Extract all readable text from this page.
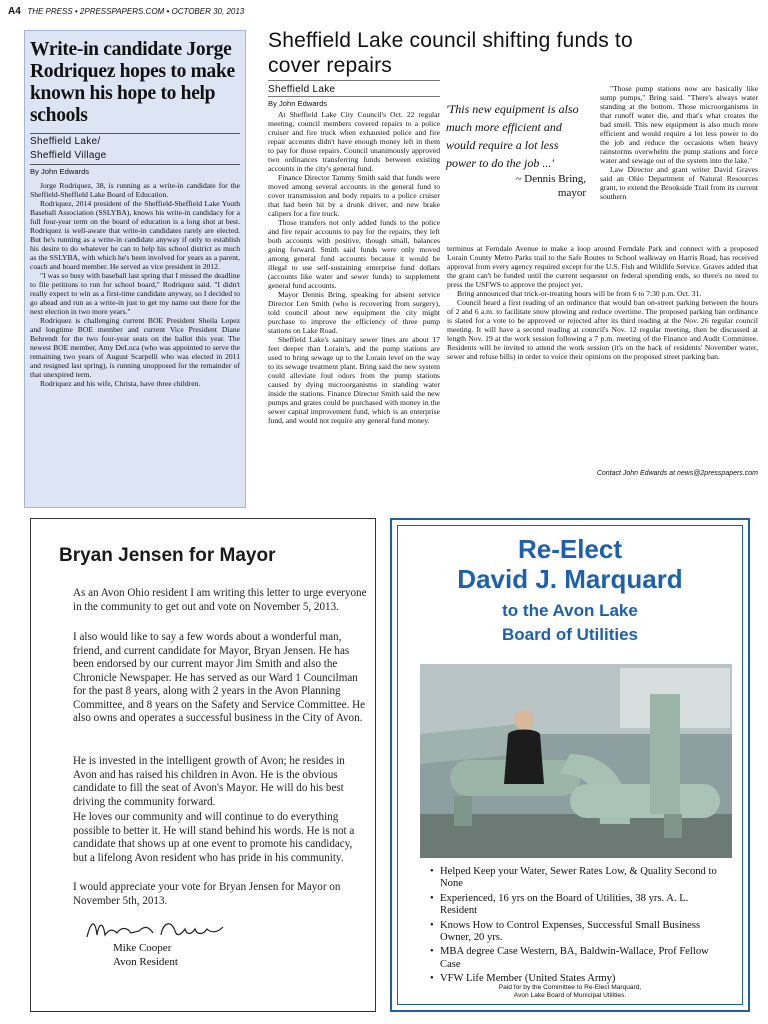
A4 THE PRESS • 2PRESSPAPERS.COM • OCTOBER 30, 2013
Write-in candidate Jorge Rodriquez hopes to make known his hope to help schools
Sheffield Lake/
Sheffield Village
By John Edwards

Jorge Rodriquez, 38, is running as a write-in candidate for the Sheffield-Sheffield Lake Board of Education.

Rodriquez, 2014 president of the Sheffield-Sheffield Lake Youth Baseball Association (SSLYBA), knows his write-in candidacy for a full four-year term on the board of education is a long shot at best. Rodriquez is well-aware that write-in candidates rarely are elected. But he's running as a write-in candidate anyway if only to establish his desire to do whatever he can to help his school district as much as the SSLYBA, with which he's been involved for years as a parent, coach and board member. He served as vice president in 2012.

"I was so busy with baseball last spring that I missed the deadline to file petitions to run for school board," Rodriquez said. "I didn't really expect to win as a first-time candidate anyway, so I decided to go ahead and run as a write-in just to get my name out there for the next election in two more years."

Rodriquez is challenging current BOE President Sheila Lopez and longtime BOE member and current Vice President Diane Behrendt for the two four-year seats on the ballot this year. The newest BOE member, Amy DeLuca (who was appointed to serve the remaining two years of August Scarpelli who was elected in 2011 and resigned last spring), is running unopposed for the remainder of that unexpired term.

Rodriquez and his wife, Christa, have three children.

Sheffield Lake council shifting funds to cover repairs
Sheffield Lake
By John Edwards

At Sheffield Lake City Council's Oct. 22 regular meeting, council members covered repairs to a police cruiser and fire truck when exhausted police and fire repair accounts didn't have enough money left in them to pay for those repairs. Council unanimously approved two ordinances transferring funds between existing accounts in the city's general fund.

Finance Director Tammy Smith said that funds were moved among several accounts in the general fund to cover transmission and body repairs to a police cruiser that had been hit by a drunk driver, and new brake calipers for a fire truck.

Those transfers not only added funds to the police and fire repair accounts to pay for the repairs, they left both accounts with positive, though small, balances going forward. Smith said funds were only moved among general fund accounts because it would be illegal to use self-sustaining enterprise fund dollars (accounts like water and sewer funds) to supplement general fund accounts.

Mayor Dennis Bring, speaking for absent service Director Len Smith (who is recovering from surgery), told council about new equipment the city might purchase to improve the efficiency of three pump stations on Lake Road.

Sheffield Lake's sanitary sewer lines are about 17 feet deeper than Lorain's, and the pump stations are used to bring sewage up to the Lorain level on the way to its sewage treatment plant. Bring said the new system could alleviate foul odors from the pump stations caused by dying microorganisms in standing water inside the stations. Finance Director Smith said the new pumps and grates could be purchased with money in the sewer capital improvement fund, which is an enterprise fund, and would not require any general fund money.

'This new equipment is also much more efficient and would require a lot less power to do the job ...'
~ Dennis Bring,
mayor

"Those pump stations now are basically like sump pumps," Bring said. "There's always water standing at the bottom. Those microorganisms in that runoff water die, and that's what creates the bad smell. This new equipment is also much more efficient and would require a lot less power to do the job and reduce the occasions when heavy rainstorms overwhelm the pump stations and force water and sewage out of the system into the lake."

Law Director and grant writer David Graves said an Ohio Department of Natural Resources grant, to extend the Brookside Trail from its current southern

terminus at Ferndale Avenue to make a loop around Ferndale Park and connect with a proposed Lorain County Metro Parks trail to the Safe Routes to School walkway on Harris Road, has received approval from every agency required except for the U.S. Fish and Wildlife Service. Graves added that the grant can't be funded until the current sequester on federal spending ends, so there's no need to press the USFWS to approve the project yet.

Bring announced that trick-or-treating hours will be from 6 to 7:30 p.m. Oct. 31.

Council heard a first reading of an ordinance that would ban on-street parking between the hours of 2 and 6 a.m. to facilitate snow plowing and reduce overtime. The proposed parking ban ordinance is slated for a vote to be approved or rejected after its third reading at the Nov. 26 regular council meeting. It will have a second reading at council's Nov. 12 regular meeting, then be discussed at length Nov. 19 at the work session following a 7 p.m. meeting of the Finance and Audit Committee. Residents will be invited to attend the work session (it's on the back of residents' November water, sewer and refuse bills) in order to voice their opinions on the proposed street parking ban.

Contact John Edwards at news@2presspapers.com
Bryan Jensen for Mayor

As an Avon Ohio resident I am writing this letter to urge everyone in the community to get out and vote on November 5, 2013.

I also would like to say a few words about a wonderful man, friend, and current candidate for Mayor, Bryan Jensen. He has been endorsed by our current mayor Jim Smith and also the Chronicle Newspaper. He has served as our Ward 1 Councilman for the past 8 years, along with 2 years in the Avon Planning Committee, and 8 years on the Safety and Service Committee. He also owns and operates a successful business in the City of Avon.

He is invested in the intelligent growth of Avon; he resides in Avon and has raised his children in Avon. He is the obvious candidate to fill the seat of Avon's Mayor. He will do his best driving the community forward.

He loves our community and will continue to do everything possible to better it. He will stand behind his words. He is not a candidate that shows up at one event to promote his candidacy, but a lifelong Avon resident who has pride in his community.

I would appreciate your vote for Bryan Jensen for Mayor on November 5th, 2013.

Mike Cooper
Avon Resident
Re-Elect
David J. Marquard
to the Avon Lake
Board of Utilities
• Helped Keep your Water, Sewer Rates Low, & Quality Second to None
• Experienced, 16 yrs on the Board of Utilities, 38 yrs. A. L. Resident
• Knows How to Control Expenses, Successful Small Business Owner, 20 yrs.
• MBA degree Case Western, BA, Baldwin-Wallace, Prof Fellow Case
• VFW Life Member (United States Army)
Paid for by the Committee to Re-Elect Marquard,
Avon Lake Board of Municipal Utilities.
